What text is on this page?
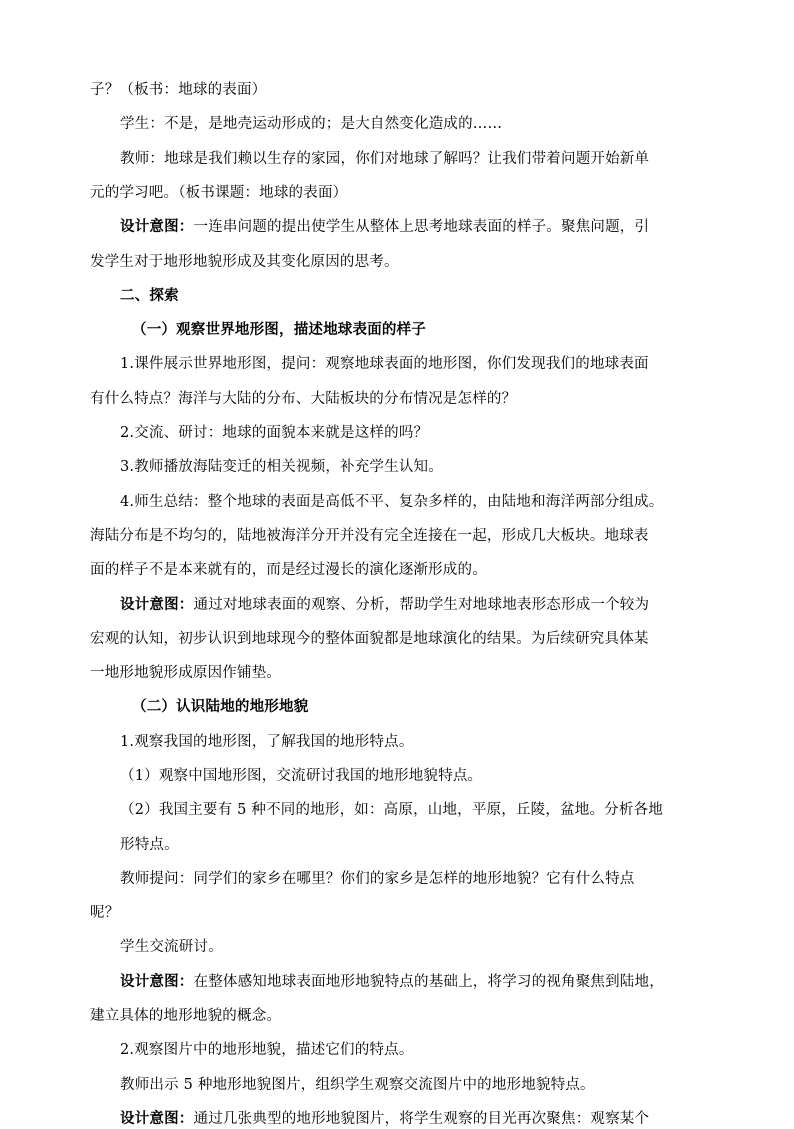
子？（板书：地球的表面）
学生：不是，是地壳运动形成的；是大自然变化造成的……
教师：地球是我们赖以生存的家园，你们对地球了解吗？让我们带着问题开始新单
元的学习吧。（板书课题：地球的表面）
设计意图：一连串问题的提出使学生从整体上思考地球表面的样子。聚焦问题，引
发学生对于地形地貌形成及其变化原因的思考。
二、探索
（一）观察世界地形图，描述地球表面的样子
1.课件展示世界地形图，提问：观察地球表面的地形图，你们发现我们的地球表面
有什么特点？海洋与大陆的分布、大陆板块的分布情况是怎样的？
2.交流、研讨：地球的面貌本来就是这样的吗？
3.教师播放海陆变迁的相关视频，补充学生认知。
4.师生总结：整个地球的表面是高低不平、复杂多样的，由陆地和海洋两部分组成。
海陆分布是不均匀的，陆地被海洋分开并没有完全连接在一起，形成几大板块。地球表
面的样子不是本来就有的，而是经过漫长的演化逐渐形成的。
设计意图：通过对地球表面的观察、分析，帮助学生对地球地表形态形成一个较为
宏观的认知，初步认识到地球现今的整体面貌都是地球演化的结果。为后续研究具体某
一地形地貌形成原因作铺垫。
（二）认识陆地的地形地貌
1.观察我国的地形图，了解我国的地形特点。
（1）观察中国地形图，交流研讨我国的地形地貌特点。
（2）我国主要有 5 种不同的地形，如：高原，山地，平原，丘陵，盆地。分析各地
形特点。
教师提问：同学们的家乡在哪里？你们的家乡是怎样的地形地貌？它有什么特点
呢？
学生交流研讨。
设计意图：在整体感知地球表面地形地貌特点的基础上，将学习的视角聚焦到陆地，
建立具体的地形地貌的概念。
2.观察图片中的地形地貌，描述它们的特点。
教师出示 5 种地形地貌图片，组织学生观察交流图片中的地形地貌特点。
设计意图：通过几张典型的地形地貌图片，将学生观察的目光再次聚焦：观察某个
